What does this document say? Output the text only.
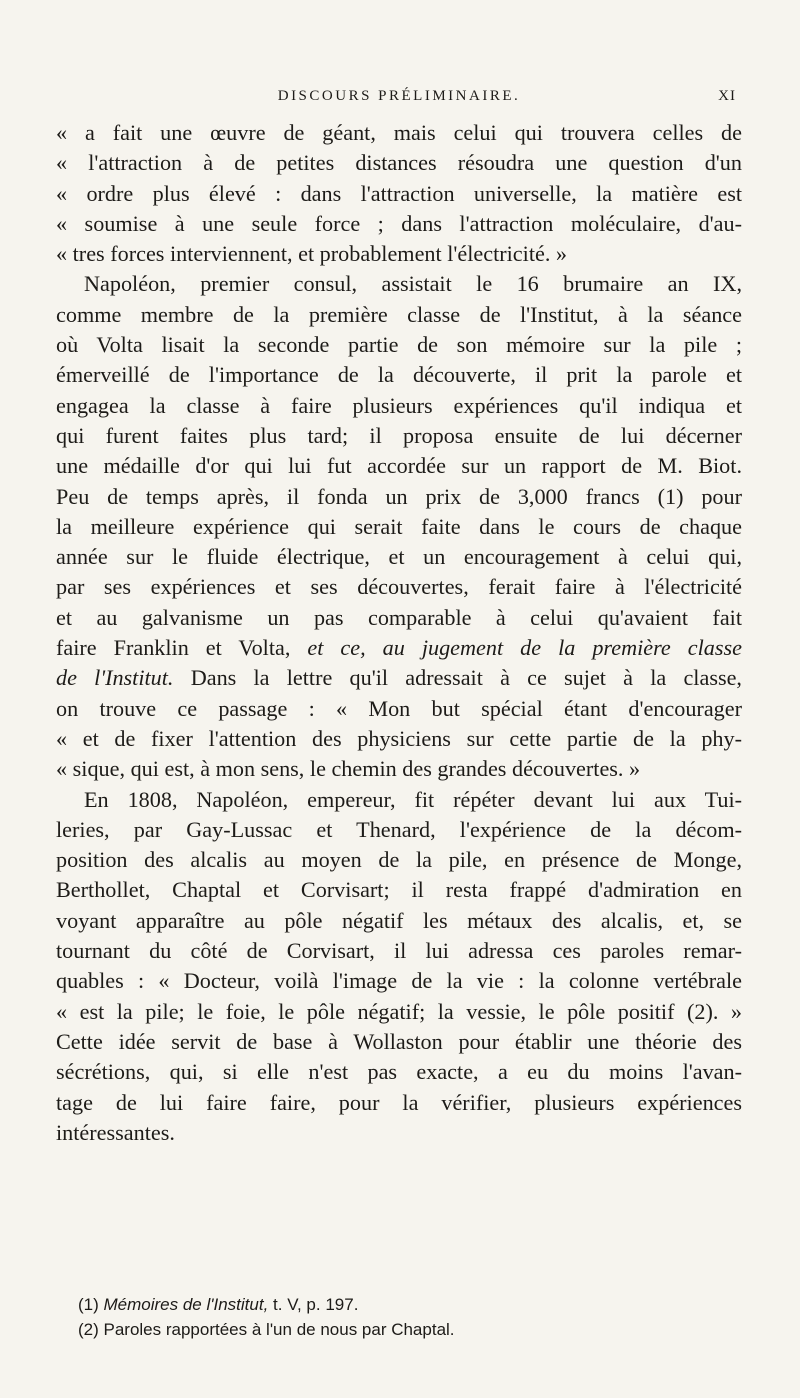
DISCOURS PRÉLIMINAIRE.	XI

« a fait une œuvre de géant, mais celui qui trouvera celles de

« l'attraction à de petites distances résoudra une question d'un

« ordre plus élevé : dans l'attraction universelle, la matière est

« soumise à une seule force ; dans l'attraction moléculaire, d'au-

« tres forces interviennent, et probablement l'électricité. »

Napoléon, premier consul, assistait le 16 brumaire an IX,

comme membre de la première classe de l'Institut, à la séance

où Volta lisait la seconde partie de son mémoire sur la pile ;

émerveillé de l'importance de la découverte, il prit la parole et

engagea la classe à faire plusieurs expériences qu'il indiqua et

qui furent faites plus tard; il proposa ensuite de lui décerner

une médaille d'or qui lui fut accordée sur un rapport de M. Biot.

Peu de temps après, il fonda un prix de 3,000 francs (1) pour

la meilleure expérience qui serait faite dans le cours de chaque

année sur le fluide électrique, et un encouragement à celui qui,

par ses expériences et ses découvertes, ferait faire à l'électricité

et au galvanisme un pas comparable à celui qu'avaient fait

faire Franklin et Volta, et ce, au jugement de la première classe

de l'Institut. Dans la lettre qu'il adressait à ce sujet à la classe,

on trouve ce passage : « Mon but spécial étant d'encourager

« et de fixer l'attention des physiciens sur cette partie de la phy-

« sique, qui est, à mon sens, le chemin des grandes découvertes. »

En 1808, Napoléon, empereur, fit répéter devant lui aux Tui-

leries, par Gay-Lussac et Thenard, l'expérience de la décom-

position des alcalis au moyen de la pile, en présence de Monge,

Berthollet, Chaptal et Corvisart; il resta frappé d'admiration en

voyant apparaître au pôle négatif les métaux des alcalis, et, se

tournant du côté de Corvisart, il lui adressa ces paroles remar-

quables : « Docteur, voilà l'image de la vie : la colonne vertébrale

« est la pile; le foie, le pôle négatif; la vessie, le pôle positif (2). »

Cette idée servit de base à Wollaston pour établir une théorie des

sécrétions, qui, si elle n'est pas exacte, a eu du moins l'avan-

tage de lui faire faire, pour la vérifier, plusieurs expériences

intéressantes.

(1) Mémoires de l'Institut, t. V, p. 197.

(2) Paroles rapportées à l'un de nous par Chaptal.
